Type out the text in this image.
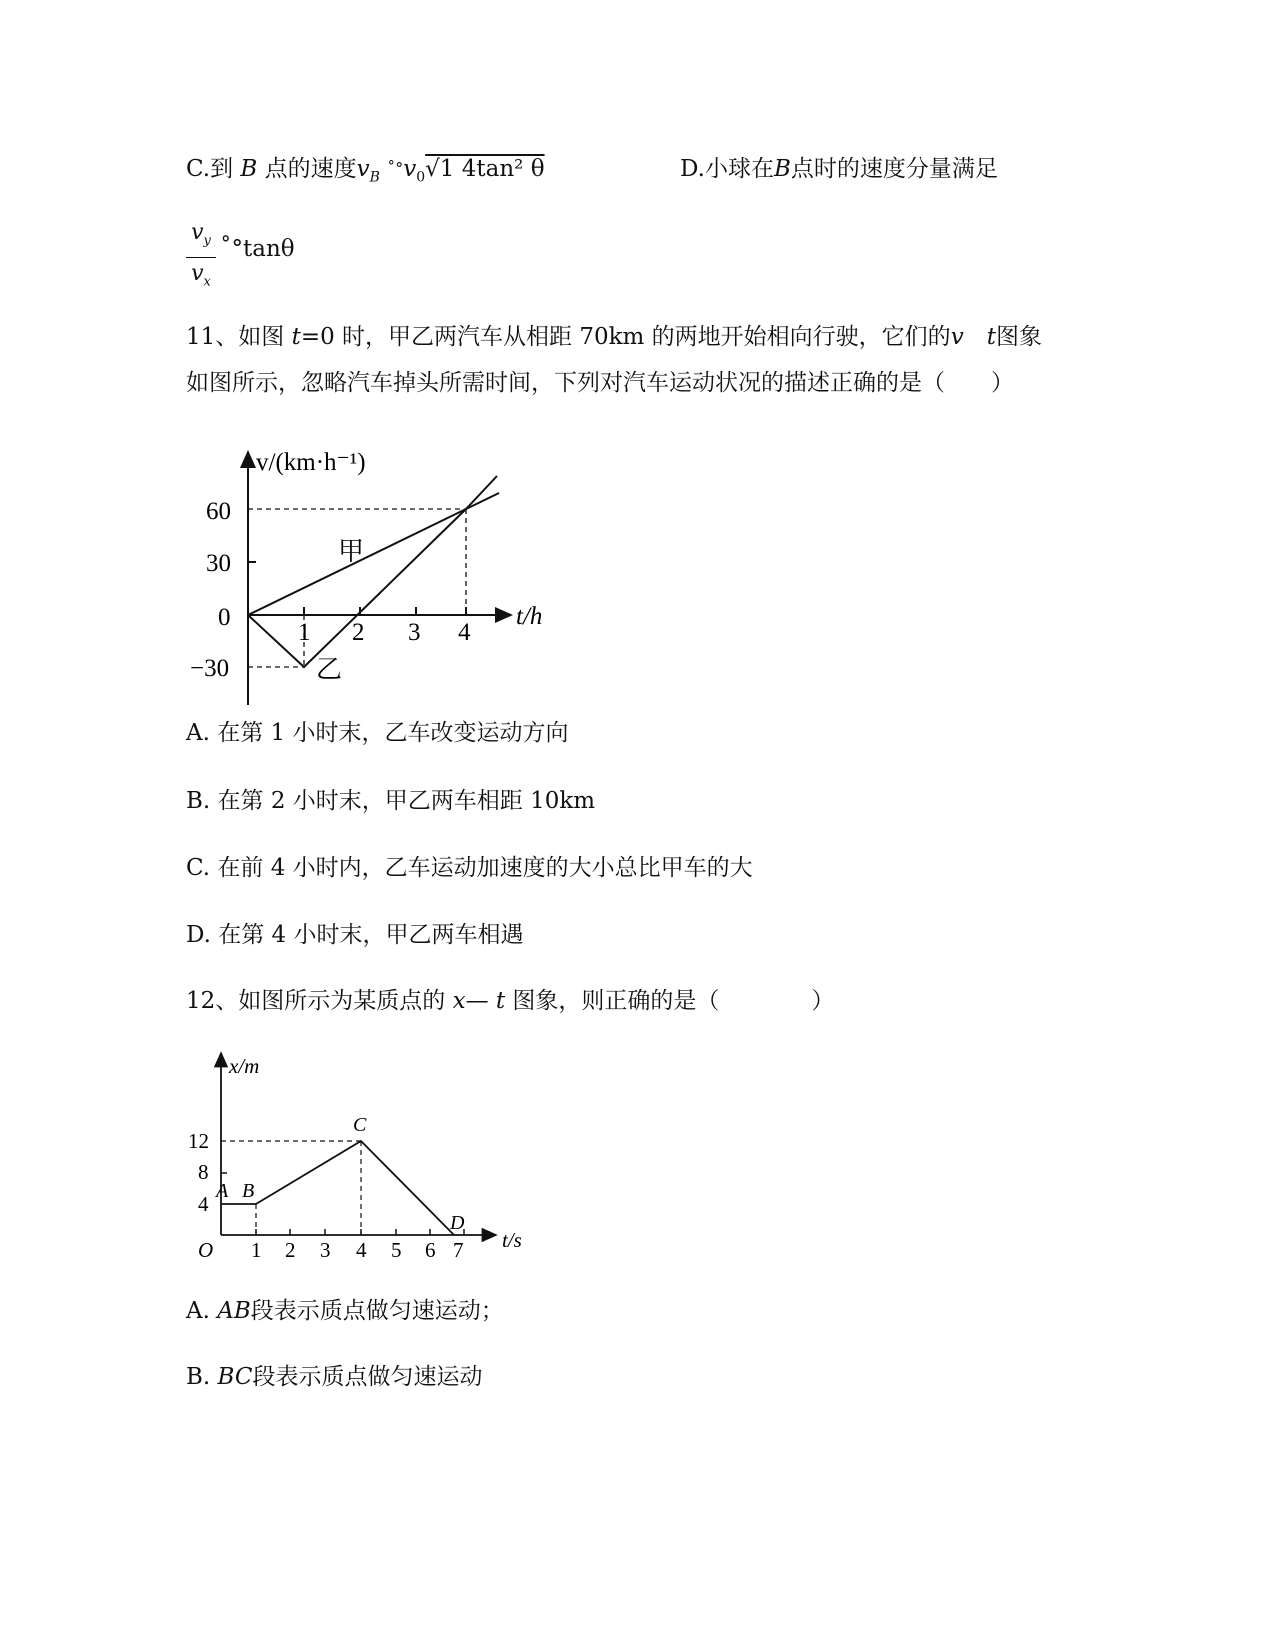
C.到 B 点的速度$v_B$ $^{˚^\circ}v_0√1$ 4tan² θ	D.小球在B点时的速度分量满足
$v_y$
$v_x$
˚°tanθ
11、如图 t=0 时，甲乙两汽车从相距 70km 的两地开始相向行驶，它们的v　 t图象
如图所示，忽略汽车掉头所需时间，下列对汽车运动状况的描述正确的是（　　）
v/(km·h⁻¹)
t/h
60
30
0
−30
1 2 3 4
甲
乙
A. 在第 1 小时末，乙车改变运动方向
B. 在第 2 小时末，甲乙两车相距 10km
C. 在前 4 小时内，乙车运动加速度的大小总比甲车的大
D. 在第 4 小时末，甲乙两车相遇
12、如图所示为某质点的 x— t 图象，则正确的是（　　　　）
x/m
t/s
O
12
8
4
1 2 3 4 5 6 7
A B
C
D
A. AB段表示质点做匀速运动；
B. BC段表示质点做匀速运动
